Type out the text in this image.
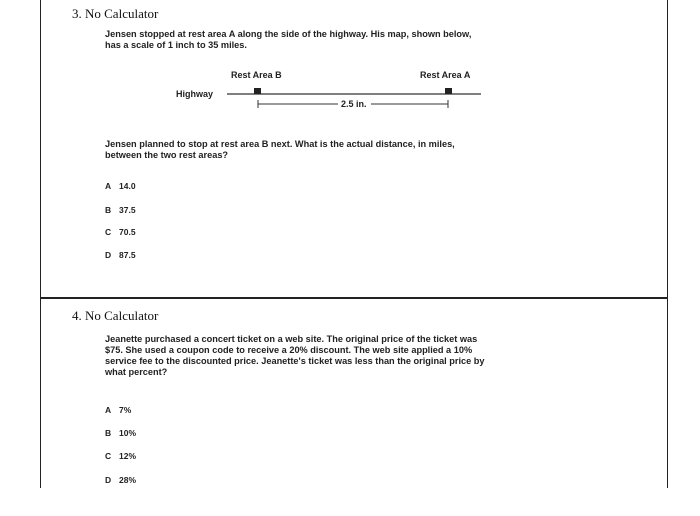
3. No Calculator
Jensen stopped at rest area A along the side of the highway. His map, shown below,
has a scale of 1 inch to 35 miles.
Rest Area B	Rest Area A
Highway
2.5 in.
Jensen planned to stop at rest area B next. What is the actual distance, in miles,
between the two rest areas?
A 14.0
B 37.5
C 70.5
D 87.5
4. No Calculator
Jeanette purchased a concert ticket on a web site. The original price of the ticket was
$75. She used a coupon code to receive a 20% discount. The web site applied a 10%
service fee to the discounted price. Jeanette's ticket was less than the original price by
what percent?
A 7%
B 10%
C 12%
D 28%
